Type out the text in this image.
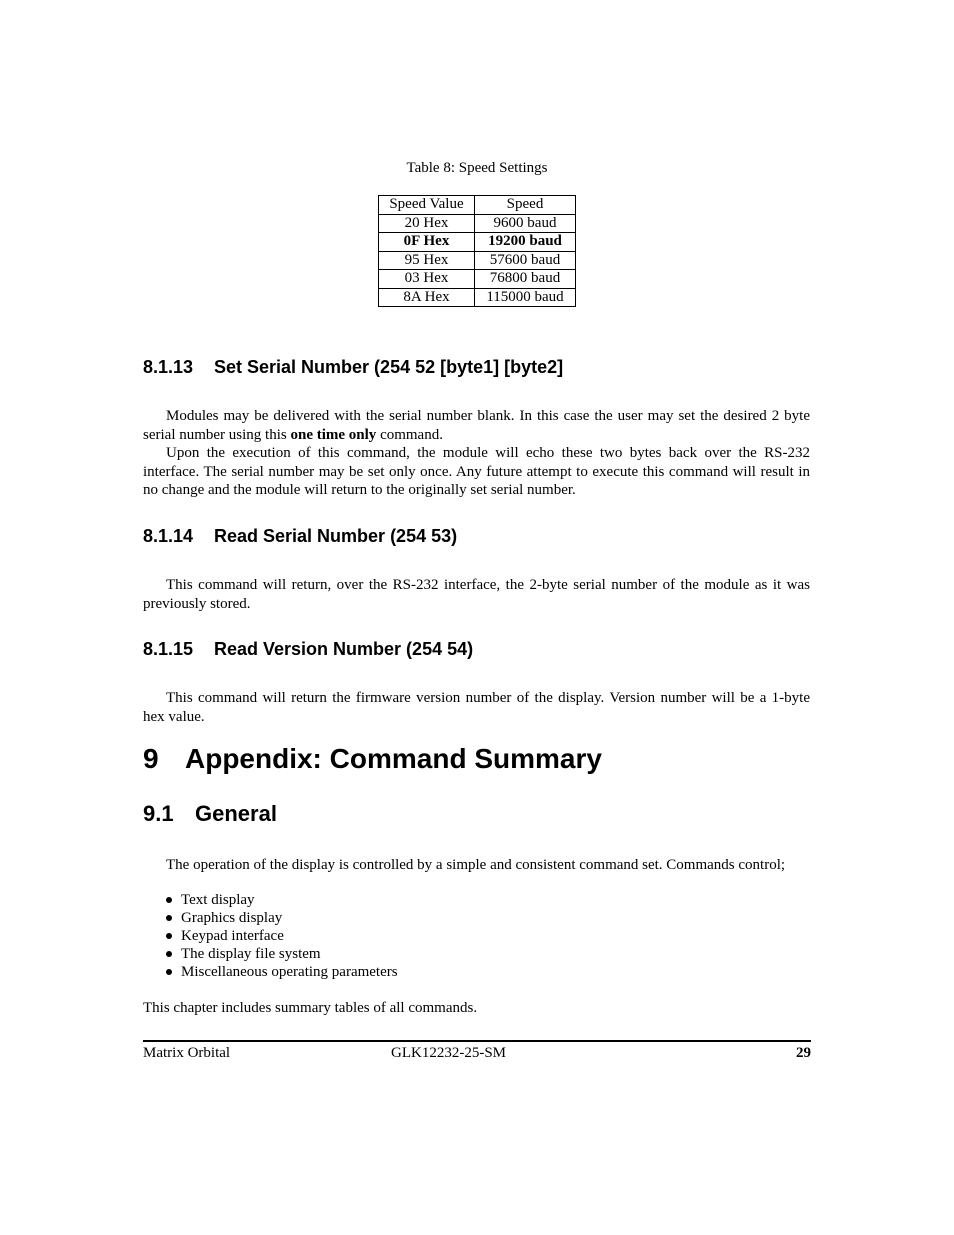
Table 8: Speed Settings
Speed Value	Speed
20 Hex	9600 baud
0F Hex	19200 baud
95 Hex	57600 baud
03 Hex	76800 baud
8A Hex	115000 baud
8.1.13 Set Serial Number (254 52 [byte1] [byte2]

Modules may be delivered with the serial number blank. In this case the user may set the desired 2 byte serial number using this one time only command.

Upon the execution of this command, the module will echo these two bytes back over the RS-232 interface. The serial number may be set only once. Any future attempt to execute this command will result in no change and the module will return to the originally set serial number.

8.1.14 Read Serial Number (254 53)

This command will return, over the RS-232 interface, the 2-byte serial number of the module as it was previously stored.

8.1.15 Read Version Number (254 54)

This command will return the firmware version number of the display. Version number will be a 1-byte hex value.

9 Appendix: Command Summary
9.1 General

The operation of the display is controlled by a simple and consistent command set. Commands control;

Text display
Graphics display
Keypad interface
The display file system
Miscellaneous operating parameters

This chapter includes summary tables of all commands.

Matrix Orbital	GLK12232-25-SM	29
